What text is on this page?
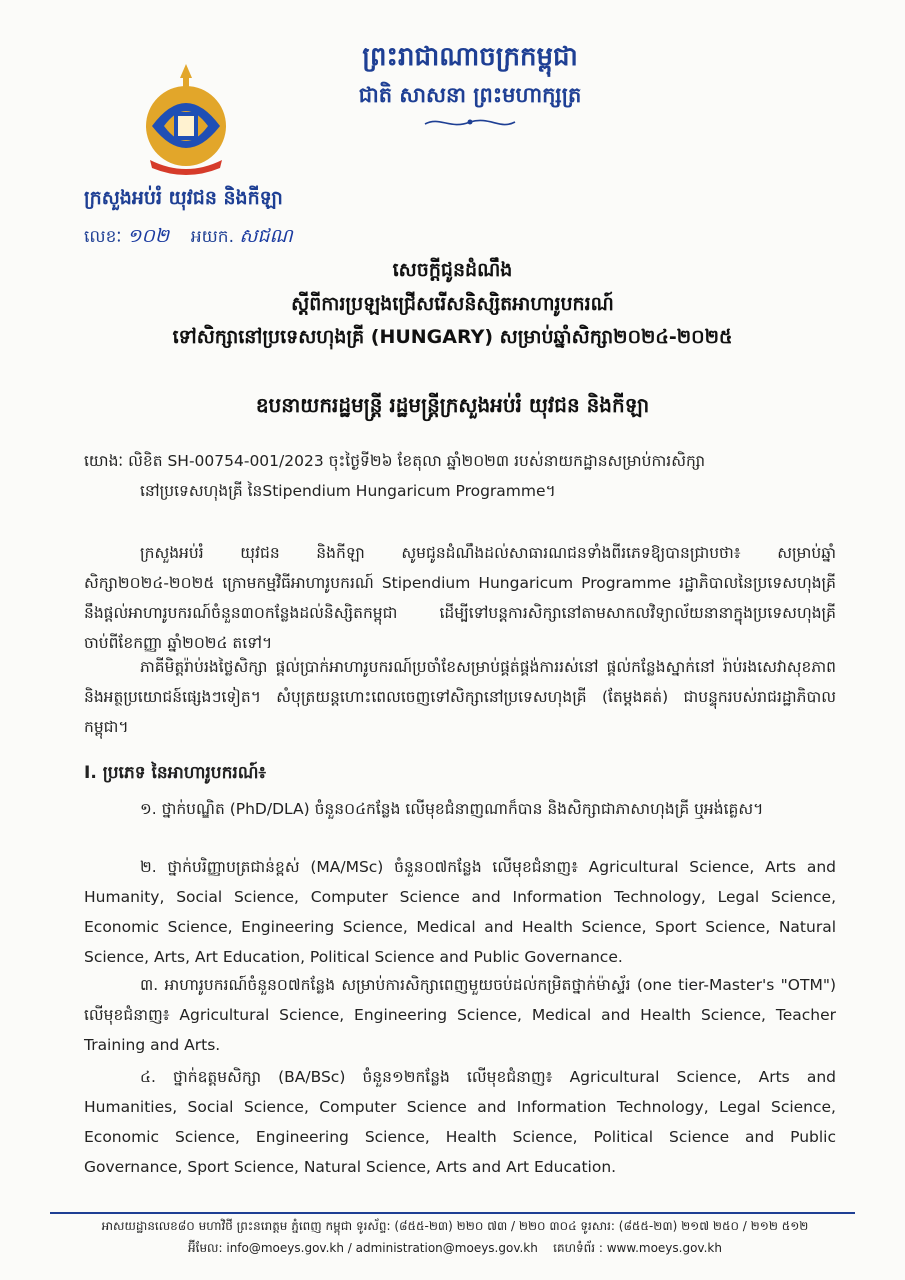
ព្រះរាជាណាចក្រកម្ពុជា
ជាតិ សាសនា ព្រះមហាក្សត្រ
ក្រសួងអប់រំ យុវជន និងកីឡា
លេខៈ ១០២ អយក. សជណ
សេចក្តីជូនដំណឹង
ស្តីពីការប្រឡងជ្រើសរើសនិស្សិតអាហារូបករណ៍
ទៅសិក្សានៅប្រទេសហុងគ្រី (HUNGARY) សម្រាប់ឆ្នាំសិក្សា២០២៤-២០២៥
ឧបនាយករដ្ឋមន្ត្រី រដ្ឋមន្ត្រីក្រសួងអប់រំ យុវជន និងកីឡា

យោងៈ លិខិត SH-00754-001/2023 ចុះថ្ងៃទី២៦ ខែតុលា ឆ្នាំ២០២៣ របស់នាយកដ្ឋានសម្រាប់ការសិក្សា

នៅប្រទេសហុងគ្រី នៃStipendium Hungaricum Programme។

ក្រសួងអប់រំ យុវជន និងកីឡា សូមជូនដំណឹងដល់សាធារណជនទាំងពីរភេទឱ្យបានជ្រាបថា៖ សម្រាប់ឆ្នាំសិក្សា២០២៤-២០២៥ ក្រោមកម្មវិធីអាហារូបករណ៍ Stipendium Hungaricum Programme រដ្ឋាភិបាលនៃប្រទេសហុងគ្រី នឹងផ្តល់អាហារូបករណ៍ចំនួន៣០កន្លែងដល់និស្សិតកម្ពុជា ដើម្បីទៅបន្តការសិក្សានៅតាមសាកលវិទ្យាល័យនានាក្នុងប្រទេសហុងគ្រី ចាប់ពីខែកញ្ញា ឆ្នាំ២០២៤ តទៅ។

ភាគីមិត្តរ៉ាប់រងថ្លៃសិក្សា ផ្តល់ប្រាក់អាហារូបករណ៍ប្រចាំខែសម្រាប់ផ្គត់ផ្គង់ការរស់នៅ ផ្តល់កន្លែងស្នាក់នៅ រ៉ាប់រងសេវាសុខភាព និងអត្ថប្រយោជន៍ផ្សេងៗទៀត។ សំបុត្រយន្តហោះពេលចេញទៅសិក្សានៅប្រទេសហុងគ្រី (តែម្តងគត់) ជាបន្ទុករបស់រាជរដ្ឋាភិបាលកម្ពុជា។

I. ប្រភេទ នៃអាហារូបករណ៍៖

១. ថ្នាក់បណ្ឌិត (PhD/DLA) ចំនួន០៤កន្លែង លើមុខជំនាញណាក៏បាន និងសិក្សាជាភាសាហុងគ្រី ឬអង់គ្លេស។

២. ថ្នាក់បរិញ្ញាបត្រជាន់ខ្ពស់ (MA/MSc) ចំនួន០៧កន្លែង លើមុខជំនាញ៖ Agricultural Science, Arts and Humanity, Social Science, Computer Science and Information Technology, Legal Science, Economic Science, Engineering Science, Medical and Health Science, Sport Science, Natural Science, Arts, Art Education, Political Science and Public Governance.

៣. អាហារូបករណ៍ចំនួន០៧កន្លែង សម្រាប់ការសិក្សាពេញមួយចប់ដល់កម្រិតថ្នាក់ម៉ាស្ទ័រ (one tier-Master's "OTM") លើមុខជំនាញ៖ Agricultural Science, Engineering Science, Medical and Health Science, Teacher Training and Arts.

៤. ថ្នាក់ឧត្តមសិក្សា (BA/BSc) ចំនួន១២កន្លែង លើមុខជំនាញ៖ Agricultural Science, Arts and Humanities, Social Science, Computer Science and Information Technology, Legal Science, Economic Science, Engineering Science, Health Science, Political Science and Public Governance, Sport Science, Natural Science, Arts and Art Education.

អាសយដ្ឋានលេខ៨០ មហាវិថី ព្រះនរោត្តម ភ្នំពេញ កម្ពុជា ទូរស័ព្ទ: (៨៥៥-២៣) ២២០ ៧៣ / ២២០ ៣០៤ ទូរសារ: (៨៥៥-២៣) ២១៧ ២៥០ / ២១២ ៥១២
អ៊ីមែល: info@moeys.gov.kh / administration@moeys.gov.kh គេហទំព័រ : www.moeys.gov.kh
